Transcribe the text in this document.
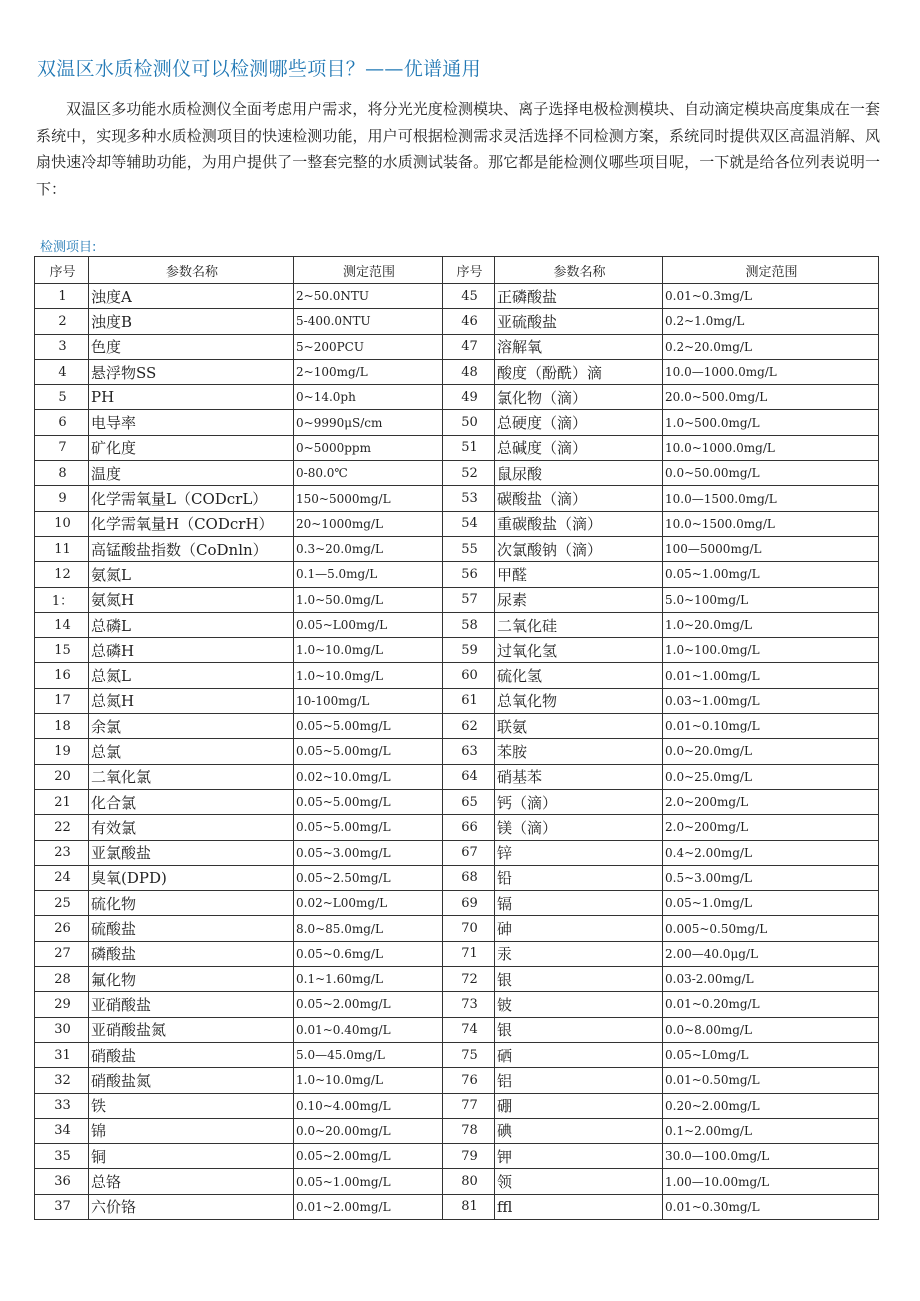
双温区水质检测仪可以检测哪些项目？——优谱通用
双温区多功能水质检测仪全面考虑用户需求，将分光光度检测模块、离子选择电极检测模块、自动滴定模块高度集成在一套系统中，实现多种水质检测项目的快速检测功能，用户可根据检测需求灵活选择不同检测方案，系统同时提供双区高温消解、风扇快速冷却等辅助功能，为用户提供了一整套完整的水质测试装备。那它都是能检测仪哪些项目呢，一下就是给各位列表说明一下：
检测项目:
序号	参数名称	测定范围	序号	参数名称	测定范围
1	浊度A	2~50.0NTU	45	正磷酸盐	0.01~0.3mg/L
2	浊度B	5-400.0NTU	46	亚硫酸盐	0.2~1.0mg/L
3	色度	5~200PCU	47	溶解氧	0.2~20.0mg/L
4	悬浮物SS	2~100mg/L	48	酸度（酚酰）滴	10.0—1000.0mg/L
5	PH	0~14.0ph	49	氯化物（滴）	20.0~500.0mg/L
6	电导率	0~9990μS/cm	50	总硬度（滴）	1.0~500.0mg/L
7	矿化度	0~5000ppm	51	总碱度（滴）	10.0~1000.0mg/L
8	温度	0-80.0℃	52	鼠尿酸	0.0~50.00mg/L
9	化学需氧量L（CODcrL）	150~5000mg/L	53	碳酸盐（滴）	10.0—1500.0mg/L
10	化学需氧量H（CODcrH）	20~1000mg/L	54	重碳酸盐（滴）	10.0~1500.0mg/L
11	高锰酸盐指数（CoDnln）	0.3~20.0mg/L	55	次氯酸钠（滴）	100—5000mg/L
12	氨氮L	0.1—5.0mg/L	56	甲醛	0.05~1.00mg/L
1：	氨氮H	1.0~50.0mg/L	57	尿素	5.0~100mg/L
14	总磷L	0.05~L00mg/L	58	二氧化硅	1.0~20.0mg/L
15	总磷H	1.0~10.0mg/L	59	过氧化氢	1.0~100.0mg/L
16	总氮L	1.0~10.0mg/L	60	硫化氢	0.01~1.00mg/L
17	总氮H	10-100mg/L	61	总氧化物	0.03~1.00mg/L
18	余氯	0.05~5.00mg/L	62	联氨	0.01~0.10mg/L
19	总氯	0.05~5.00mg/L	63	苯胺	0.0~20.0mg/L
20	二氧化氯	0.02~10.0mg/L	64	硝基苯	0.0~25.0mg/L
21	化合氯	0.05~5.00mg/L	65	钙（滴）	2.0~200mg/L
22	有效氯	0.05~5.00mg/L	66	镁（滴）	2.0~200mg/L
23	亚氯酸盐	0.05~3.00mg/L	67	锌	0.4~2.00mg/L
24	臭氧(DPD)	0.05~2.50mg/L	68	铅	0.5~3.00mg/L
25	硫化物	0.02~L00mg/L	69	镉	0.05~1.0mg/L
26	硫酸盐	8.0~85.0mg/L	70	砷	0.005~0.50mg/L
27	磷酸盐	0.05~0.6mg/L	71	汞	2.00—40.0μg/L
28	氟化物	0.1~1.60mg/L	72	银	0.03-2.00mg/L
29	亚硝酸盐	0.05~2.00mg/L	73	铍	0.01~0.20mg/L
30	亚硝酸盐氮	0.01~0.40mg/L	74	银	0.0~8.00mg/L
31	硝酸盐	5.0—45.0mg/L	75	硒	0.05~L0mg/L
32	硝酸盐氮	1.0~10.0mg/L	76	铝	0.01~0.50mg/L
33	铁	0.10~4.00mg/L	77	硼	0.20~2.00mg/L
34	锦	0.0~20.00mg/L	78	碘	0.1~2.00mg/L
35	铜	0.05~2.00mg/L	79	钾	30.0—100.0mg/L
36	总铬	0.05~1.00mg/L	80	领	1.00—10.00mg/L
37	六价铬	0.01~2.00mg/L	81	ffl	0.01~0.30mg/L
